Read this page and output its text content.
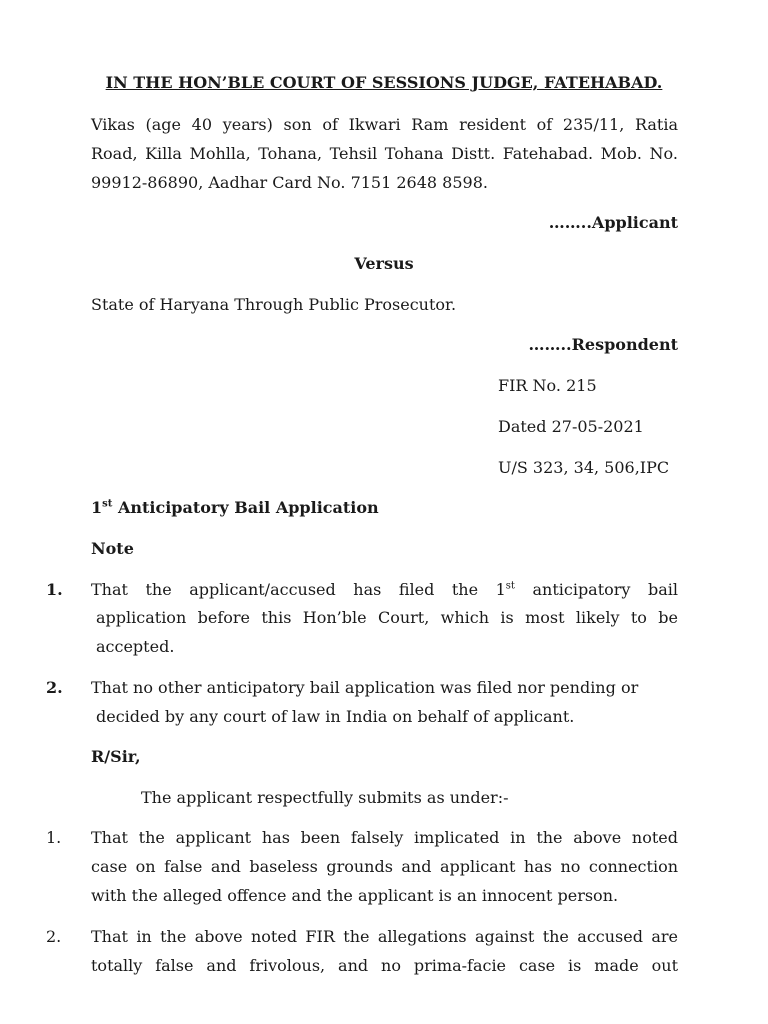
IN THE HON’BLE COURT OF SESSIONS JUDGE, FATEHABAD.
Vikas (age 40 years) son of Ikwari Ram resident of 235/11, Ratia
Road, Killa Mohlla, Tohana, Tehsil Tohana Distt. Fatehabad. Mob. No.
99912-86890, Aadhar Card No. 7151 2648 8598.
……..Applicant
Versus
State of Haryana Through Public Prosecutor.
……..Respondent
FIR No. 215
Dated 27-05-2021
U/S 323, 34, 506,IPC
1st Anticipatory Bail Application
Note
1. That the applicant/accused has filed the 1st anticipatory bail
application before this Hon’ble Court, which is most likely to be
accepted.
2. That no other anticipatory bail application was filed nor pending or
decided by any court of law in India on behalf of applicant.
R/Sir,
The applicant respectfully submits as under:-
1. That the applicant has been falsely implicated in the above noted
case on false and baseless grounds and applicant has no connection
with the alleged offence and the applicant is an innocent person.
2. That in the above noted FIR the allegations against the accused are
totally false and frivolous, and no prima-facie case is made out
